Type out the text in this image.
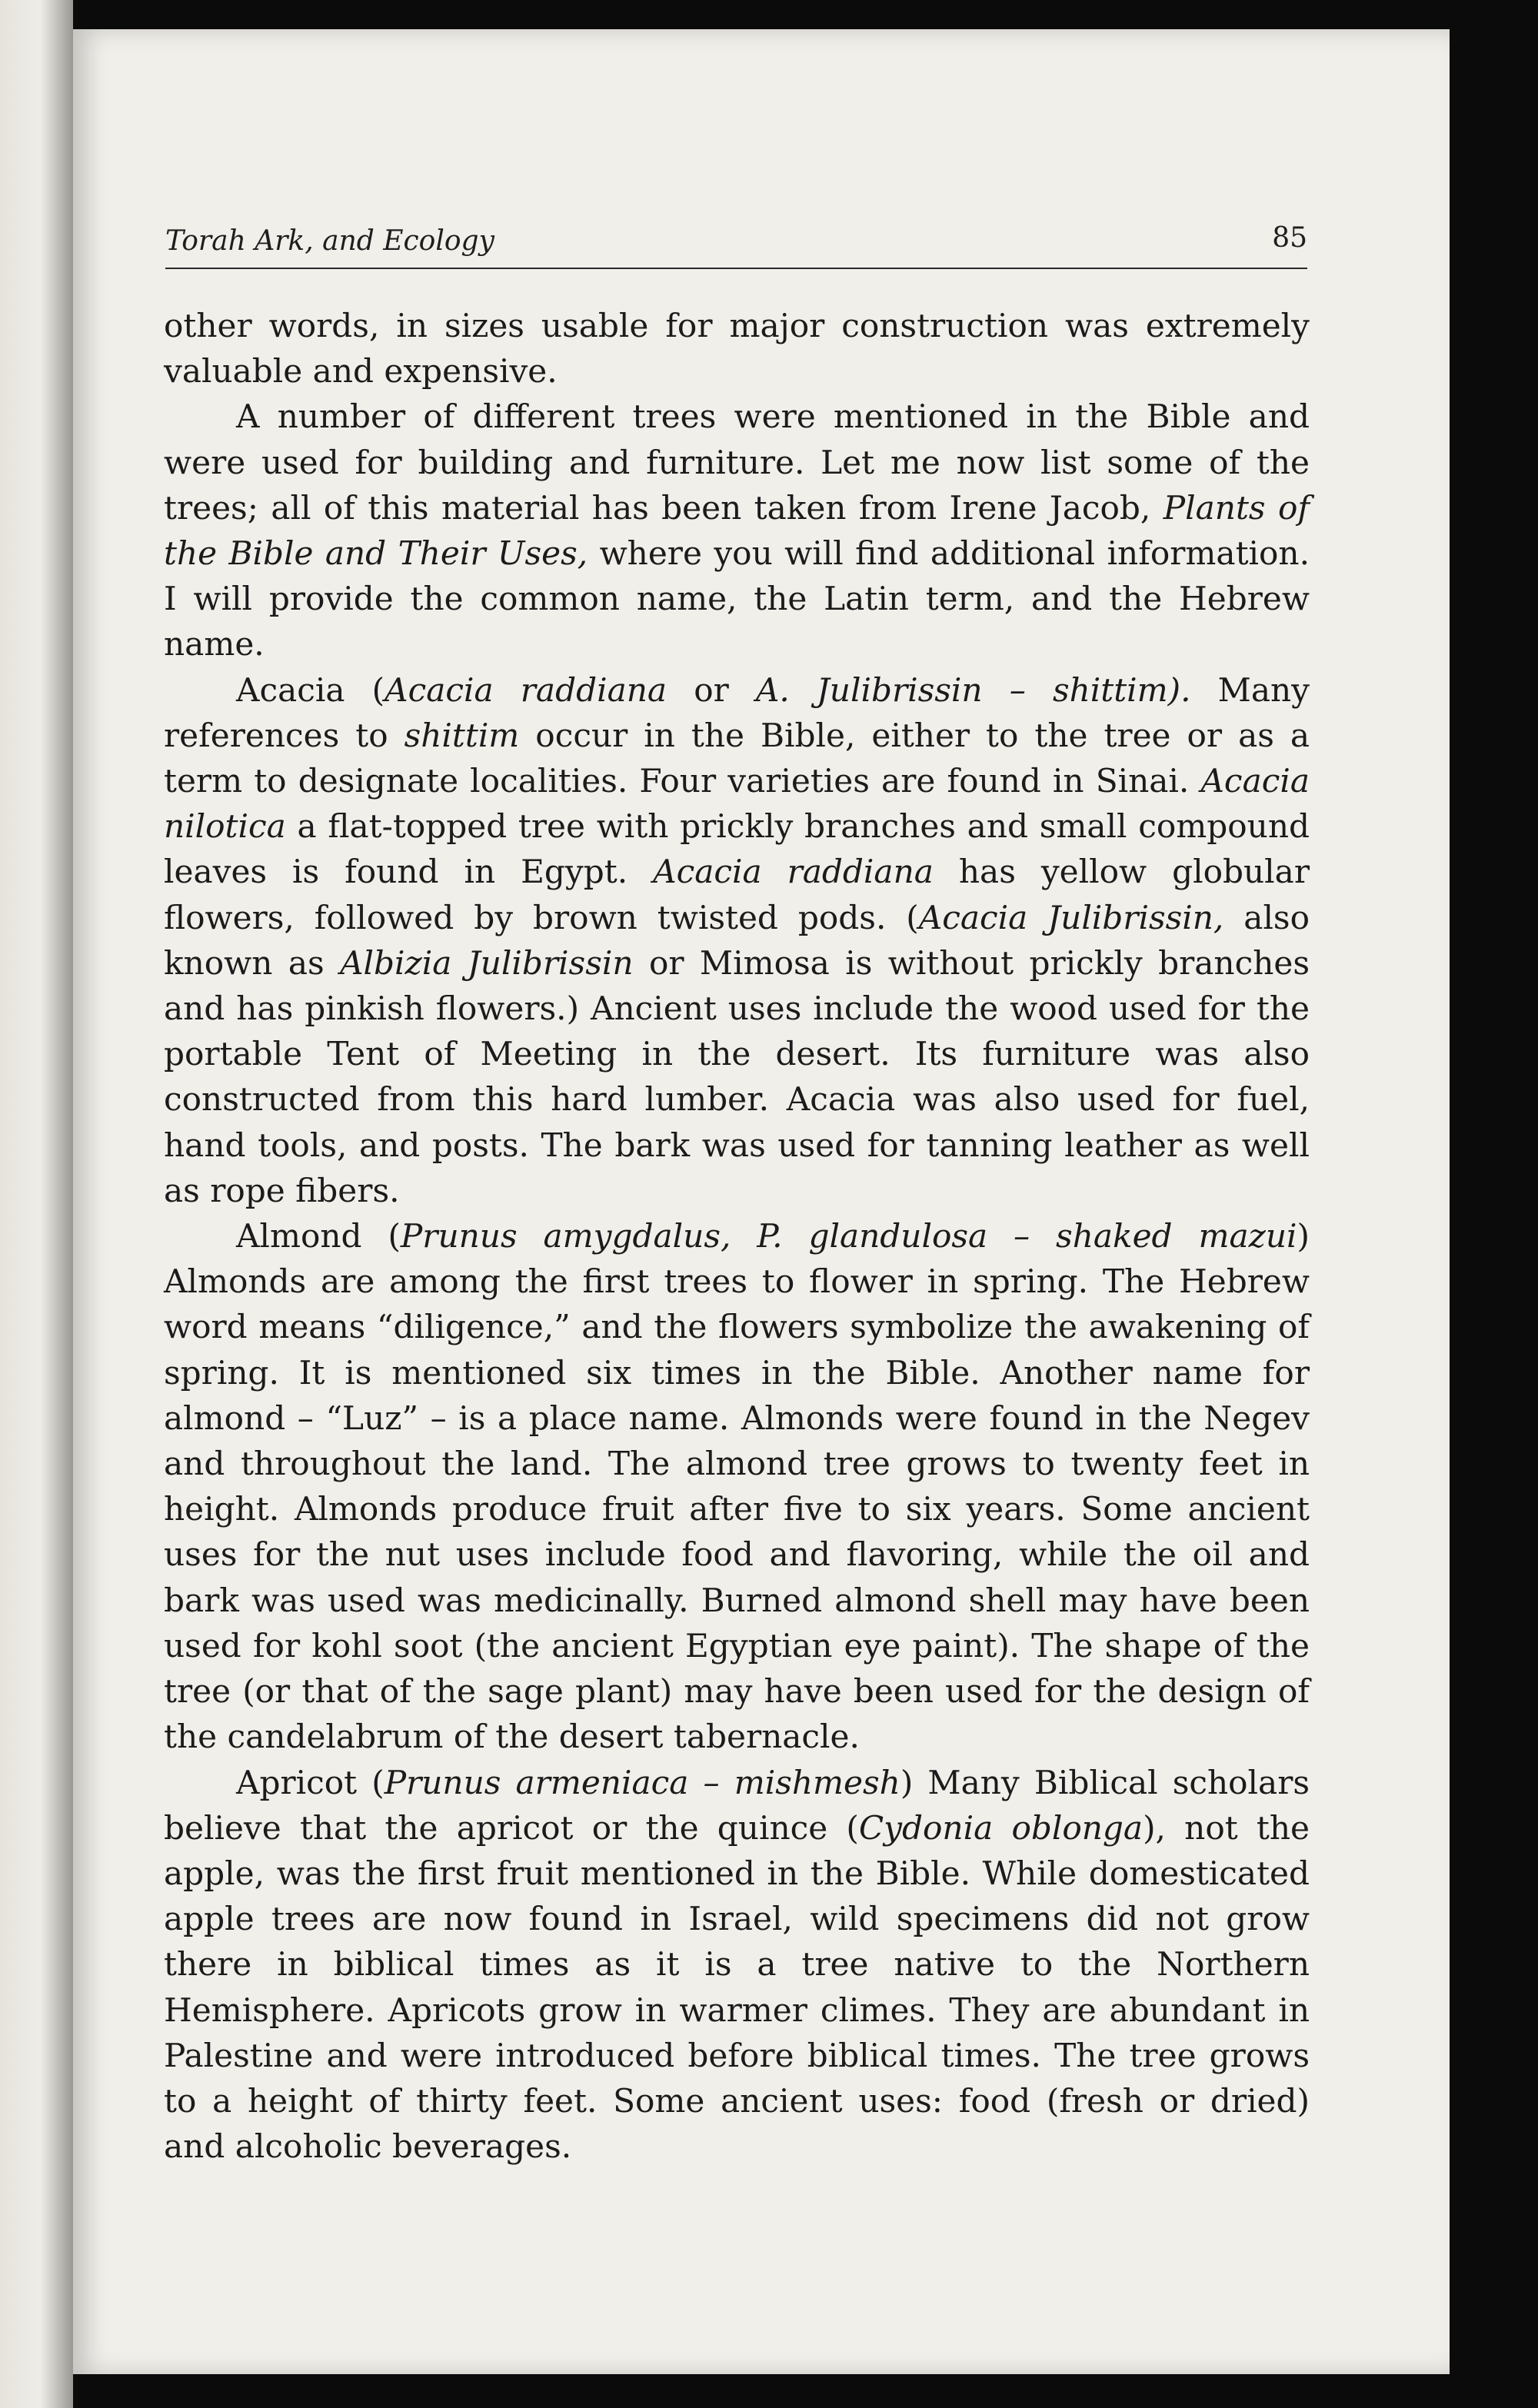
Torah Ark, and Ecology	85

other words, in sizes usable for major construction was extremely valuable and expensive.

A number of different trees were mentioned in the Bible and were used for building and furniture. Let me now list some of the trees; all of this material has been taken from Irene Jacob, Plants of the Bible and Their Uses, where you will find additional information. I will provide the common name, the Latin term, and the Hebrew name.

Acacia (Acacia raddiana or A. Julibrissin – shittim). Many references to shittim occur in the Bible, either to the tree or as a term to designate localities. Four varieties are found in Sinai. Acacia nilotica a flat-topped tree with prickly branches and small compound leaves is found in Egypt. Acacia raddiana has yellow globular flowers, followed by brown twisted pods. (Acacia Julibrissin, also known as Albizia Julibrissin or Mimosa is without prickly branches and has pinkish flowers.) Ancient uses include the wood used for the portable Tent of Meeting in the desert. Its furniture was also constructed from this hard lumber. Acacia was also used for fuel, hand tools, and posts. The bark was used for tanning leather as well as rope fibers.

Almond (Prunus amygdalus, P. glandulosa – shaked mazui) Almonds are among the first trees to flower in spring. The Hebrew word means “diligence,” and the flowers symbolize the awakening of spring. It is mentioned six times in the Bible. Another name for almond – “Luz” – is a place name. Almonds were found in the Negev and throughout the land. The almond tree grows to twenty feet in height. Almonds produce fruit after five to six years. Some ancient uses for the nut uses include food and flavoring, while the oil and bark was used was medicinally. Burned almond shell may have been used for kohl soot (the ancient Egyptian eye paint). The shape of the tree (or that of the sage plant) may have been used for the design of the candelabrum of the desert tabernacle.

Apricot (Prunus armeniaca – mishmesh) Many Biblical scholars believe that the apricot or the quince (Cydonia oblonga), not the apple, was the first fruit mentioned in the Bible. While domesticated apple trees are now found in Israel, wild specimens did not grow there in biblical times as it is a tree native to the Northern Hemisphere. Apricots grow in warmer climes. They are abundant in Palestine and were introduced before biblical times. The tree grows to a height of thirty feet. Some ancient uses: food (fresh or dried) and alcoholic beverages.
